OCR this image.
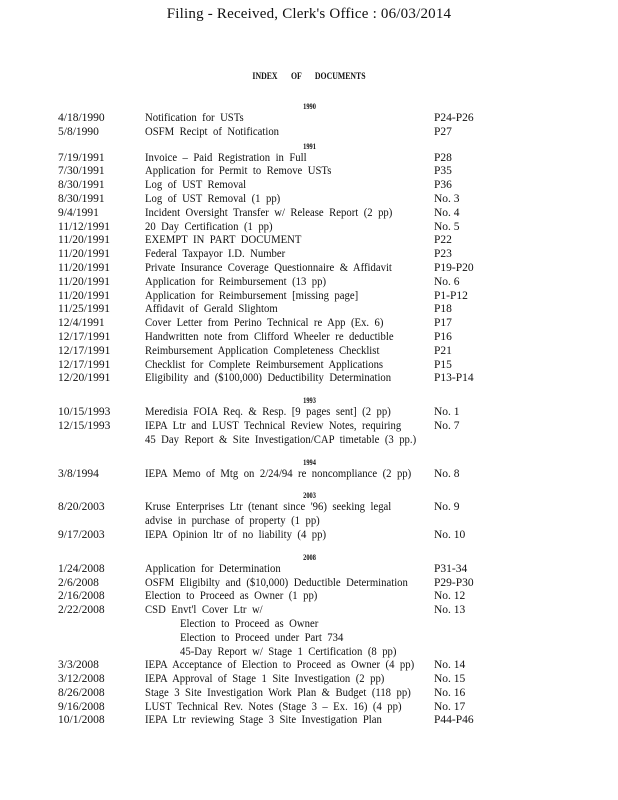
Filing - Received, Clerk's Office : 06/03/2014
INDEX OF DOCUMENTS
1990
4/18/1990	Notification for USTs	P24-P26
5/8/1990	OSFM Recipt of Notification	P27
1991
7/19/1991	Invoice – Paid Registration in Full	P28
7/30/1991	Application for Permit to Remove USTs	P35
8/30/1991	Log of UST Removal	P36
8/30/1991	Log of UST Removal (1 pp)	No. 3
9/4/1991	Incident Oversight Transfer w/ Release Report (2 pp)	No. 4
11/12/1991	20 Day Certification (1 pp)	No. 5
11/20/1991	EXEMPT IN PART DOCUMENT	P22
11/20/1991	Federal Taxpayor I.D. Number	P23
11/20/1991	Private Insurance Coverage Questionnaire & Affidavit	P19-P20
11/20/1991	Application for Reimbursement (13 pp)	No. 6
11/20/1991	Application for Reimbursement [missing page]	P1-P12
11/25/1991	Affidavit of Gerald Slightom	P18
12/4/1991	Cover Letter from Perino Technical re App (Ex. 6)	P17
12/17/1991	Handwritten note from Clifford Wheeler re deductible	P16
12/17/1991	Reimbursement Application Completeness Checklist	P21
12/17/1991	Checklist for Complete Reimbursement Applications	P15
12/20/1991	Eligibility and ($100,000) Deductibility Determination	P13-P14
1993
10/15/1993	Meredisia FOIA Req. & Resp. [9 pages sent] (2 pp)	No. 1
12/15/1993	IEPA Ltr and LUST Technical Review Notes, requiring	No. 7
45 Day Report & Site Investigation/CAP timetable (3 pp.)
1994
3/8/1994	IEPA Memo of Mtg on 2/24/94 re noncompliance (2 pp)	No. 8
2003
8/20/2003	Kruse Enterprises Ltr (tenant since '96) seeking legal	No. 9
advise in purchase of property (1 pp)
9/17/2003	IEPA Opinion ltr of no liability (4 pp)	No. 10
2008
1/24/2008	Application for Determination	P31-34
2/6/2008	OSFM Eligibilty and ($10,000) Deductible Determination	P29-P30
2/16/2008	Election to Proceed as Owner (1 pp)	No. 12
2/22/2008	CSD Envt'l Cover Ltr w/	No. 13
Election to Proceed as Owner
Election to Proceed under Part 734
45-Day Report w/ Stage 1 Certification (8 pp)
3/3/2008	IEPA Acceptance of Election to Proceed as Owner (4 pp)	No. 14
3/12/2008	IEPA Approval of Stage 1 Site Investigation (2 pp)	No. 15
8/26/2008	Stage 3 Site Investigation Work Plan & Budget (118 pp)	No. 16
9/16/2008	LUST Technical Rev. Notes (Stage 3 – Ex. 16) (4 pp)	No. 17
10/1/2008	IEPA Ltr reviewing Stage 3 Site Investigation Plan	P44-P46
